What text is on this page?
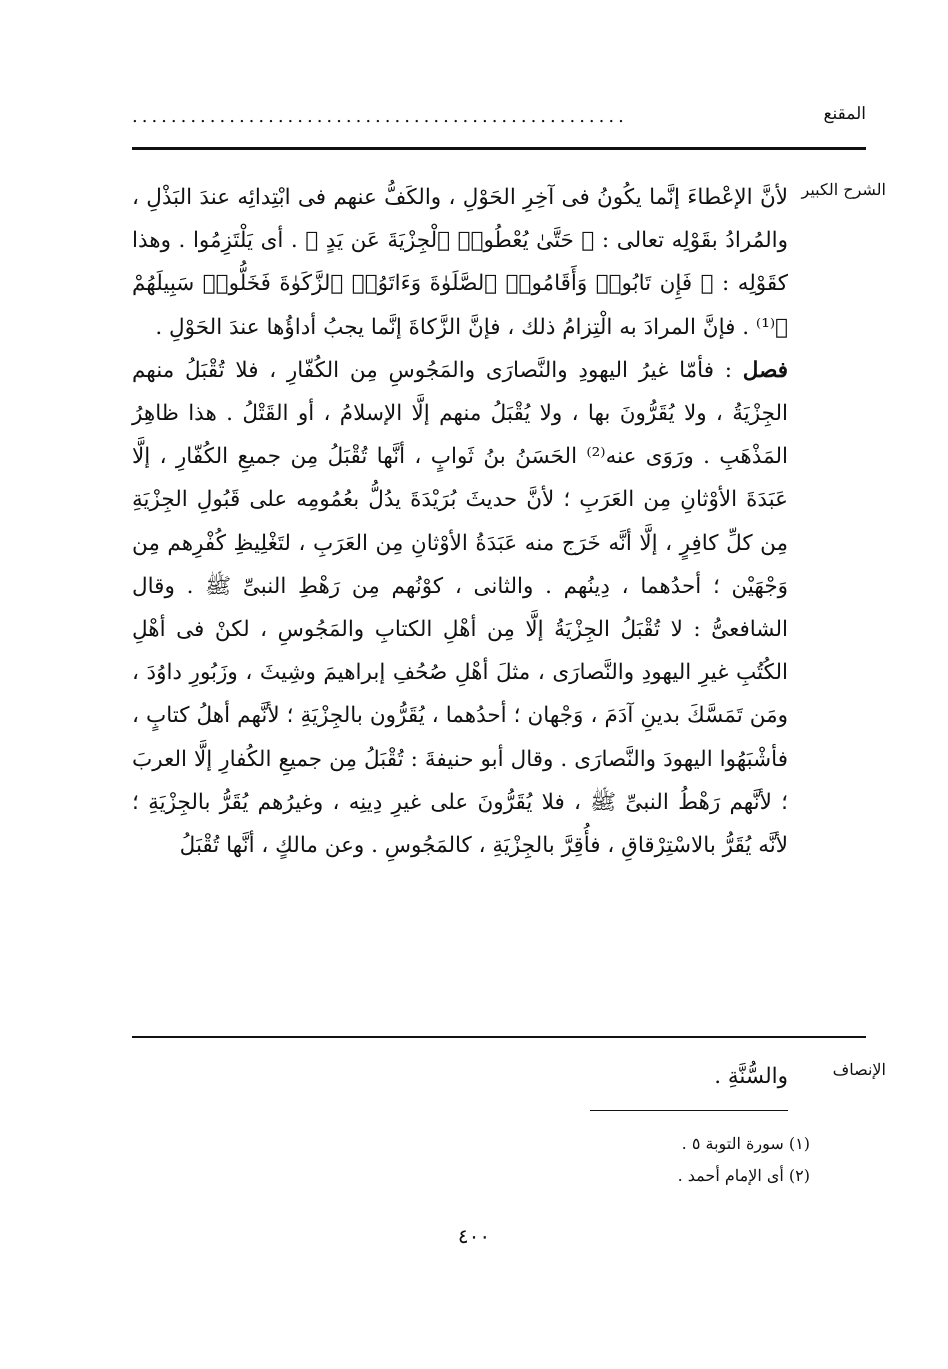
المقنع
...................................................
الشرح الكبير

لأنَّ الإعْطاءَ إنَّما يكُونُ فى آخِرِ الحَوْلِ ، والكَفُّ عنهم فى ابْتِدائِه عندَ البَذْلِ ، والمُرادُ بقَوْلِه تعالى : ﴿ حَتَّىٰ يُعْطُوا۟ ٱلْجِزْيَةَ عَن يَدٍ ﴾ . أى يَلْتَزِمُوا . وهذا كقَوْلِه : ﴿ فَإِن تَابُوا۟ وَأَقَامُوا۟ ٱلصَّلَوٰةَ وَءَاتَوُا۟ ٱلزَّكَوٰةَ فَخَلُّوا۟ سَبِيلَهُمْ ﴾⁽¹⁾ . فإنَّ المرادَ به الْتِزامُ ذلك ، فإنَّ الزَّكاةَ إنَّما يجبُ أداؤُها عندَ الحَوْلِ .

فصل : فأمّا غيرُ اليهودِ والنَّصارَى والمَجُوسِ مِن الكُفّارِ ، فلا تُقْبَلُ منهم الجِزْيَةُ ، ولا يُقَرُّونَ بها ، ولا يُقْبَلُ منهم إلَّا الإسلامُ ، أو القَتْلُ . هذا ظاهِرُ المَذْهَبِ . ورَوَى عنه⁽²⁾ الحَسَنُ بنُ ثَوابٍ ، أنَّها تُقْبَلُ مِن جميعِ الكُفّارِ ، إلَّا عَبَدَةَ الأوْثانِ مِن العَرَبِ ؛ لأنَّ حديثَ بُرَيْدَةَ يدُلُّ بعُمُومِه على قَبُولِ الجِزْيَةِ مِن كلِّ كافِرٍ ، إلَّا أنَّه خَرَج منه عَبَدَةُ الأوْثانِ مِن العَرَبِ ، لتَغْلِيظِ كُفْرِهم مِن وَجْهَيْن ؛ أحدُهما ، دِينُهم . والثانى ، كوْنُهم مِن رَهْطِ النبىِّ ﷺ . وقال الشافعىُّ : لا تُقْبَلُ الجِزْيَةُ إلَّا مِن أهْلِ الكتابِ والمَجُوسِ ، لكنْ فى أهْلِ الكُتُبِ غيرِ اليهودِ والنَّصارَى ، مثلَ أهْلِ صُحُفِ إبراهيمَ وشِيثَ ، وزَبُورِ داوُدَ ، ومَن تَمَسَّكَ بدينِ آدَمَ ، وَجْهان ؛ أحدُهما ، يُقَرُّون بالجِزْيَةِ ؛ لأنَّهم أهلُ كتابٍ ، فأشْبَهُوا اليهودَ والنَّصارَى . وقال أبو حنيفةَ : تُقْبَلُ مِن جميعِ الكُفارِ إلَّا العربَ ؛ لأنَّهم رَهْطُ النبىِّ ﷺ ، فلا يُقَرُّونَ على غيرِ دِينِه ، وغيرُهم يُقَرُّ بالجِزْيَةِ ؛ لأنَّه يُقَرُّ بالاسْتِرْقاقِ ، فأُقِرَّ بالجِزْيَةِ ، كالمَجُوسِ . وعن مالكٍ ، أنَّها تُقْبَلُ

الإنصاف
والسُّنَّةِ .
(١) سورة التوبة ٥ .
(٢) أى الإمام أحمد .
٤٠٠
